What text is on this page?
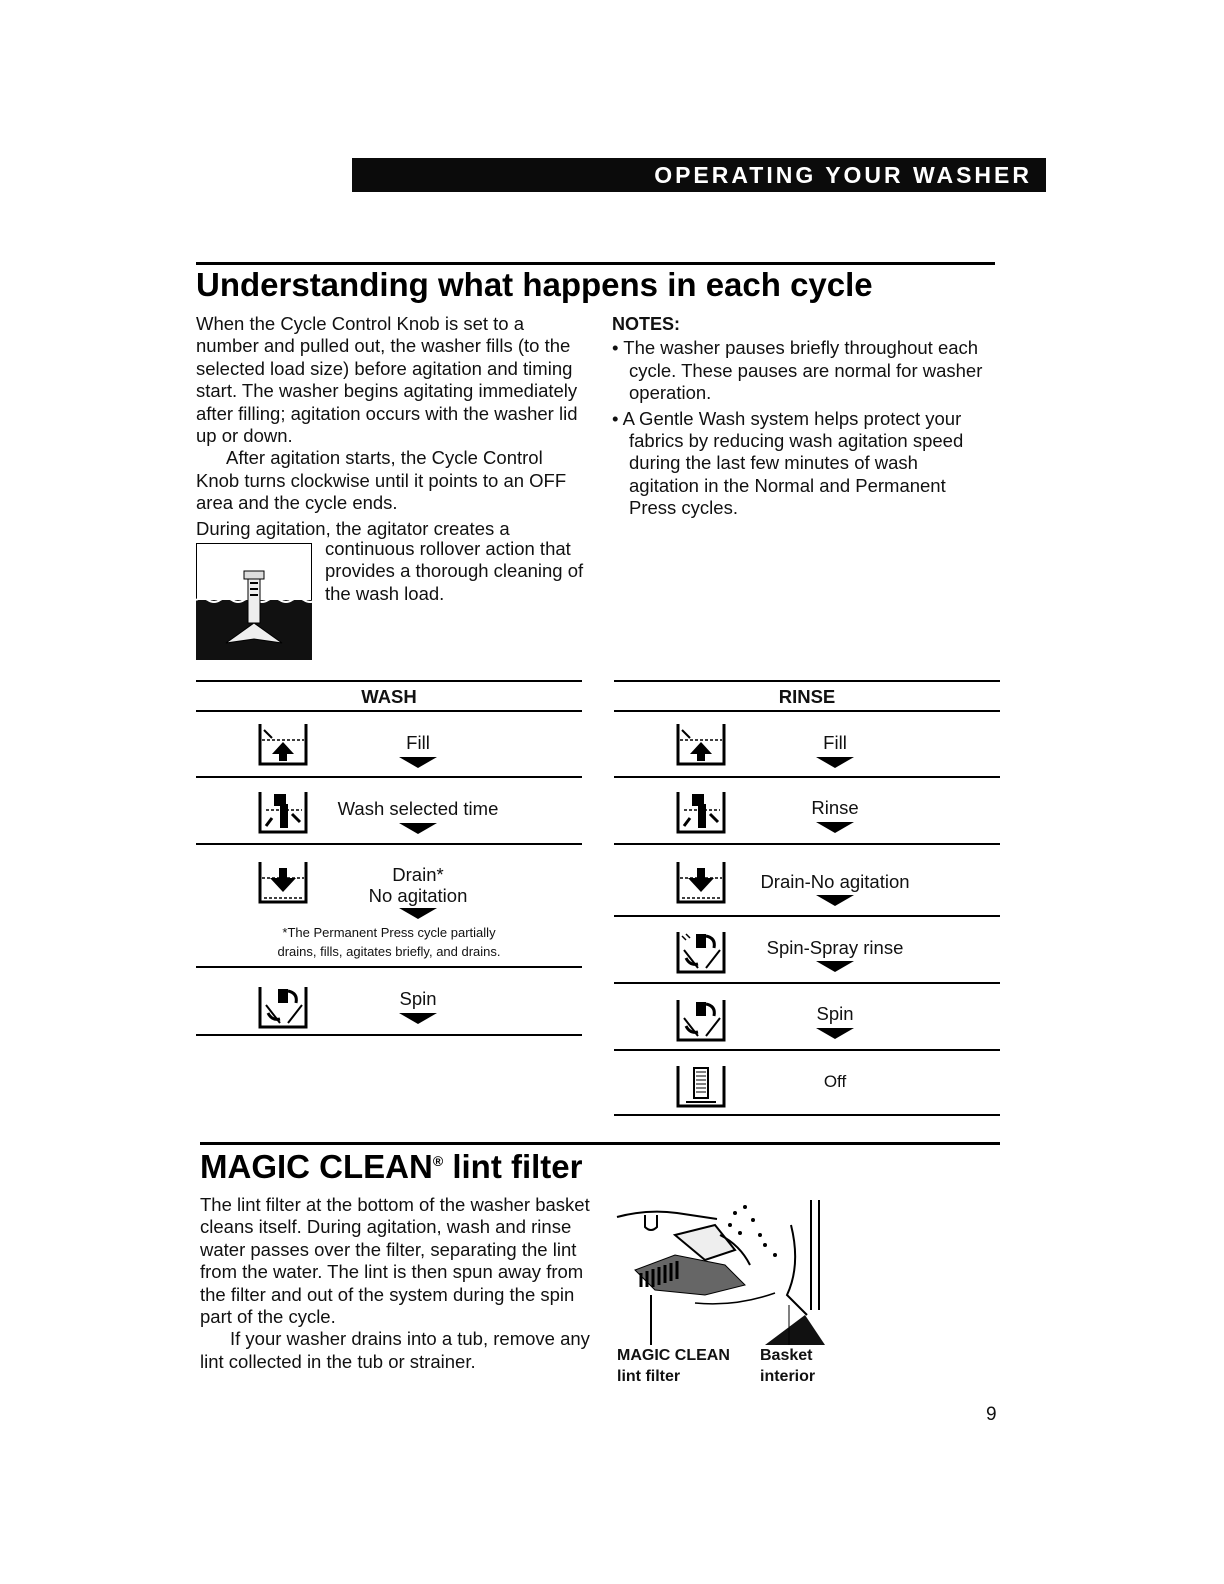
OPERATING YOUR WASHER
Understanding what happens in each cycle

When the Cycle Control Knob is set to a number and pulled out, the washer fills (to the selected load size) before agitation and timing start. The washer begins agitating immediately after filling; agitation occurs with the washer lid up or down.

After agitation starts, the Cycle Control Knob turns clockwise until it points to an OFF area and the cycle ends.

During agitation, the agitator creates a

continuous rollover action that provides a thorough cleaning of the wash load.
NOTES:

• The washer pauses briefly throughout each cycle. These pauses are normal for washer operation.

• A Gentle Wash system helps protect your fabrics by reducing wash agitation speed during the last few minutes of wash agitation in the Normal and Permanent Press cycles.

WASH
Fill
Wash selected time
Drain*
No agitation
*The Permanent Press cycle partially
drains, fills, agitates briefly, and drains.
Spin
RINSE
Fill
Rinse
Drain-No agitation
Spin-Spray rinse
Spin
Off
MAGIC CLEAN® lint filter

The lint filter at the bottom of the washer basket cleans itself. During agitation, wash and rinse water passes over the filter, separating the lint from the water. The lint is then spun away from the filter and out of the system during the spin part of the cycle.

If your washer drains into a tub, remove any lint collected in the tub or strainer.	MAGIC CLEAN
lint filter
Basket
interior
9
